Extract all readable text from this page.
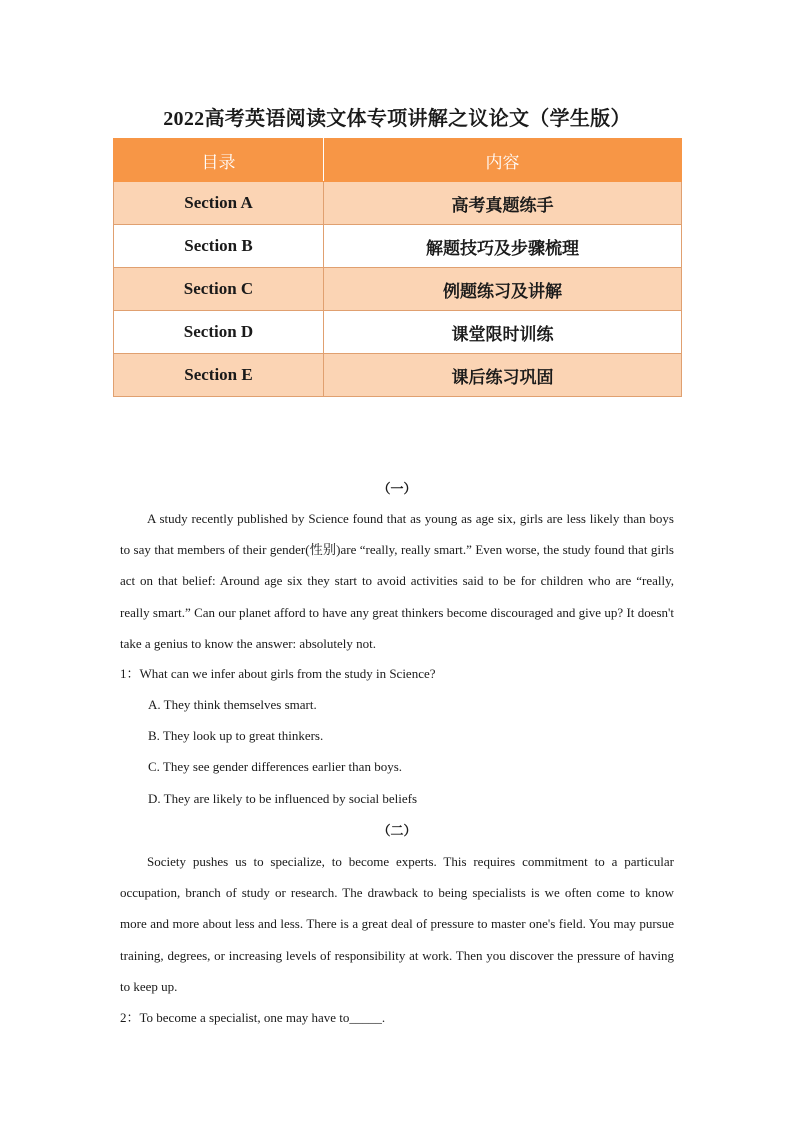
2022高考英语阅读文体专项讲解之议论文（学生版）
目录	内容
Section A	高考真题练手
Section B	解题技巧及步骤梳理
Section C	例题练习及讲解
Section D	课堂限时训练
Section E	课后练习巩固
（一）

A study recently published by Science found that as young as age six, girls are less likely than boys to say that members of their gender(性别)are “really, really smart.” Even worse, the study found that girls act on that belief: Around age six they start to avoid activities said to be for children who are “really, really smart.” Can our planet afford to have any great thinkers become discouraged and give up? It doesn't take a genius to know the answer: absolutely not.

1：What can we infer about girls from the study in Science?
A. They think themselves smart.
B. They look up to great thinkers.
C. They see gender differences earlier than boys.
D. They are likely to be influenced by social beliefs
（二）

Society pushes us to specialize, to become experts. This requires commitment to a particular occupation, branch of study or research. The drawback to being specialists is we often come to know more and more about less and less. There is a great deal of pressure to master one's field. You may pursue training, degrees, or increasing levels of responsibility at work. Then you discover the pressure of having to keep up.

2：To become a specialist, one may have to_____.
